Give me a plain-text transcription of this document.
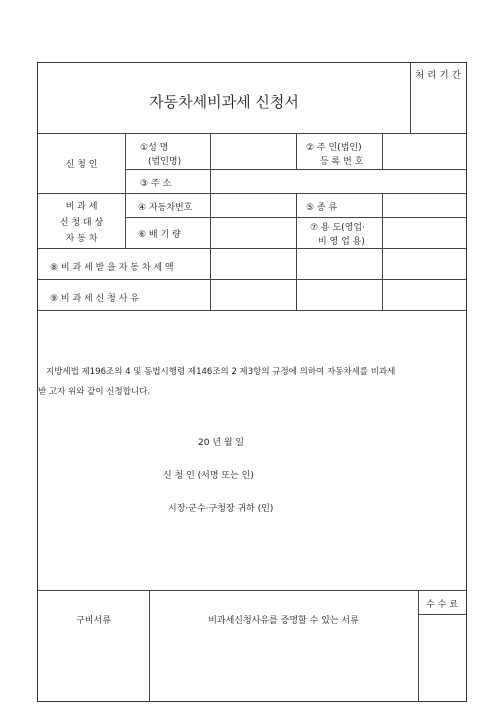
자동차세비과세 신청서
처 리 기 간
신 청 인
①성 명
(법인명)
② 주 민(법인)
등 록 번 호
③ 주 소
비 과 세
신 청 대 상
자 동 차
④ 자동차번호	⑤ 종 류
⑥ 배 기 량
⑦ 용 도(영업·
비 영 업 용)
⑧ 비 과 세 받 을 자 동 차 세 액
⑨ 비 과 세 신 청 사 유
지방세법 제196조의 4 및 동법시행령 제146조의 2 제3항의 규정에 의하여 자동차세를 비과세
받 고자 위와 같이 신청합니다.
20 년 월 일
신 청 인 (서명 또는 인)
시장·군수·구청장 귀하 (인)
수 수 료
구비서류	비과세신청사유를 증명할 수 있는 서류
